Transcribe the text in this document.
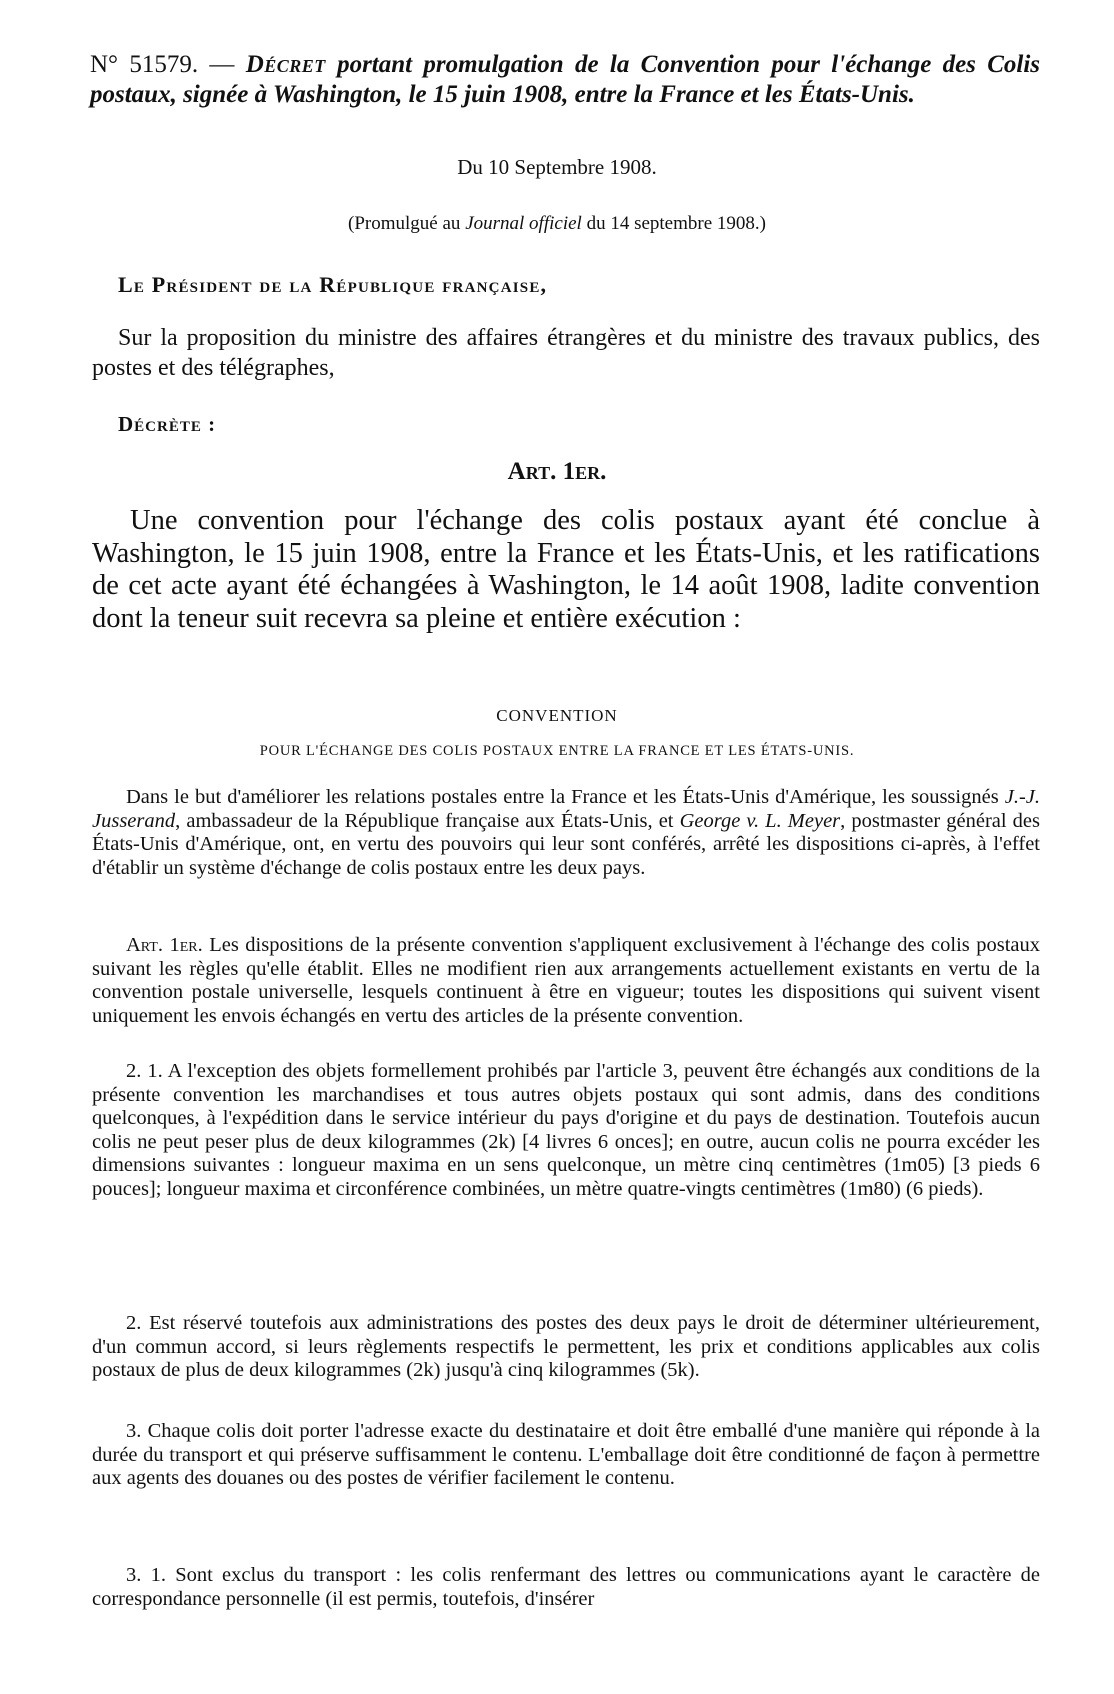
N° 51579. — Décret portant promulgation de la Convention pour l'échange des Colis postaux, signée à Washington, le 15 juin 1908, entre la France et les États-Unis.
Du 10 Septembre 1908.
(Promulgué au Journal officiel du 14 septembre 1908.)
Le Président de la République française,
Sur la proposition du ministre des affaires étrangères et du ministre des travaux publics, des postes et des télégraphes,
Décrète :
Art. 1er.
Une convention pour l'échange des colis postaux ayant été conclue à Washington, le 15 juin 1908, entre la France et les États-Unis, et les ratifications de cet acte ayant été échangées à Washington, le 14 août 1908, ladite convention dont la teneur suit recevra sa pleine et entière exécution :
CONVENTION
POUR L'ÉCHANGE DES COLIS POSTAUX ENTRE LA FRANCE ET LES ÉTATS-UNIS.
Dans le but d'améliorer les relations postales entre la France et les États-Unis d'Amérique, les soussignés J.-J. Jusserand, ambassadeur de la République française aux États-Unis, et George v. L. Meyer, postmaster général des États-Unis d'Amérique, ont, en vertu des pouvoirs qui leur sont conférés, arrêté les dispositions ci-après, à l'effet d'établir un système d'échange de colis postaux entre les deux pays.
Art. 1er. Les dispositions de la présente convention s'appliquent exclusivement à l'échange des colis postaux suivant les règles qu'elle établit. Elles ne modifient rien aux arrangements actuellement existants en vertu de la convention postale universelle, lesquels continuent à être en vigueur; toutes les dispositions qui suivent visent uniquement les envois échangés en vertu des articles de la présente convention.
2. 1. A l'exception des objets formellement prohibés par l'article 3, peuvent être échangés aux conditions de la présente convention les marchandises et tous autres objets postaux qui sont admis, dans des conditions quelconques, à l'expédition dans le service intérieur du pays d'origine et du pays de destination. Toutefois aucun colis ne peut peser plus de deux kilogrammes (2k) [4 livres 6 onces]; en outre, aucun colis ne pourra excéder les dimensions suivantes : longueur maxima en un sens quelconque, un mètre cinq centimètres (1m05) [3 pieds 6 pouces]; longueur maxima et circonférence combinées, un mètre quatre-vingts centimètres (1m80) (6 pieds).
2. Est réservé toutefois aux administrations des postes des deux pays le droit de déterminer ultérieurement, d'un commun accord, si leurs règlements respectifs le permettent, les prix et conditions applicables aux colis postaux de plus de deux kilogrammes (2k) jusqu'à cinq kilogrammes (5k).
3. Chaque colis doit porter l'adresse exacte du destinataire et doit être emballé d'une manière qui réponde à la durée du transport et qui préserve suffisamment le contenu. L'emballage doit être conditionné de façon à permettre aux agents des douanes ou des postes de vérifier facilement le contenu.
3. 1. Sont exclus du transport : les colis renfermant des lettres ou communications ayant le caractère de correspondance personnelle (il est permis, toutefois, d'insérer
